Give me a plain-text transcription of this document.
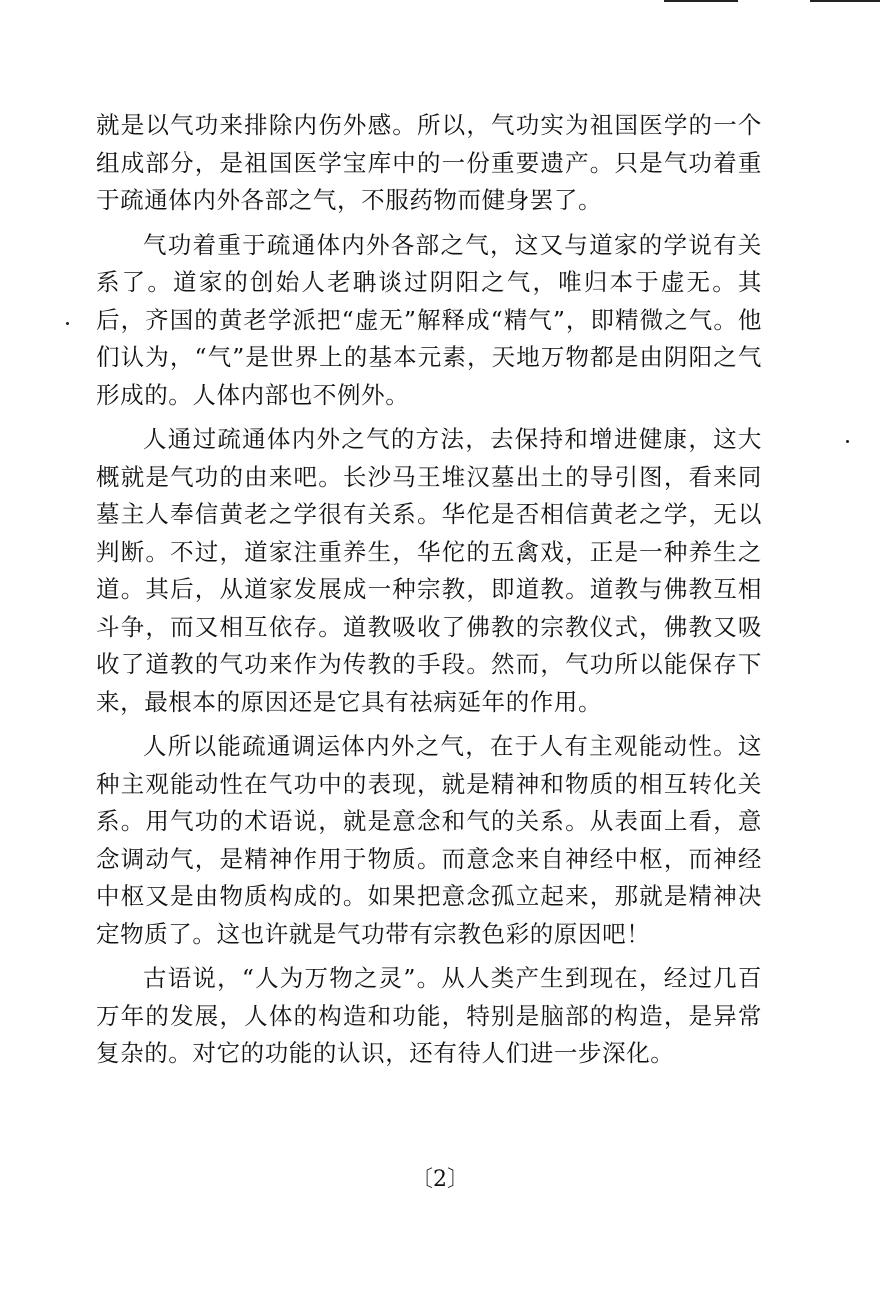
就是以气功来排除内伤外感。所以，气功实为祖国医学的一个组成部分，是祖国医学宝库中的一份重要遗产。只是气功着重于疏通体内外各部之气，不服药物而健身罢了。

气功着重于疏通体内外各部之气，这又与道家的学说有关系了。道家的创始人老聃谈过阴阳之气，唯归本于虚无。其后，齐国的黄老学派把“虚无”解释成“精气”，即精微之气。他们认为，“气”是世界上的基本元素，天地万物都是由阴阳之气形成的。人体内部也不例外。

人通过疏通体内外之气的方法，去保持和增进健康，这大概就是气功的由来吧。长沙马王堆汉墓出土的导引图，看来同墓主人奉信黄老之学很有关系。华佗是否相信黄老之学，无以判断。不过，道家注重养生，华佗的五禽戏，正是一种养生之道。其后，从道家发展成一种宗教，即道教。道教与佛教互相斗争，而又相互依存。道教吸收了佛教的宗教仪式，佛教又吸收了道教的气功来作为传教的手段。然而，气功所以能保存下来，最根本的原因还是它具有祛病延年的作用。

人所以能疏通调运体内外之气，在于人有主观能动性。这种主观能动性在气功中的表现，就是精神和物质的相互转化关系。用气功的术语说，就是意念和气的关系。从表面上看，意念调动气，是精神作用于物质。而意念来自神经中枢，而神经中枢又是由物质构成的。如果把意念孤立起来，那就是精神决定物质了。这也许就是气功带有宗教色彩的原因吧！

古语说，“人为万物之灵”。从人类产生到现在，经过几百万年的发展，人体的构造和功能，特别是脑部的构造，是异常复杂的。对它的功能的认识，还有待人们进一步深化。

〔2〕
